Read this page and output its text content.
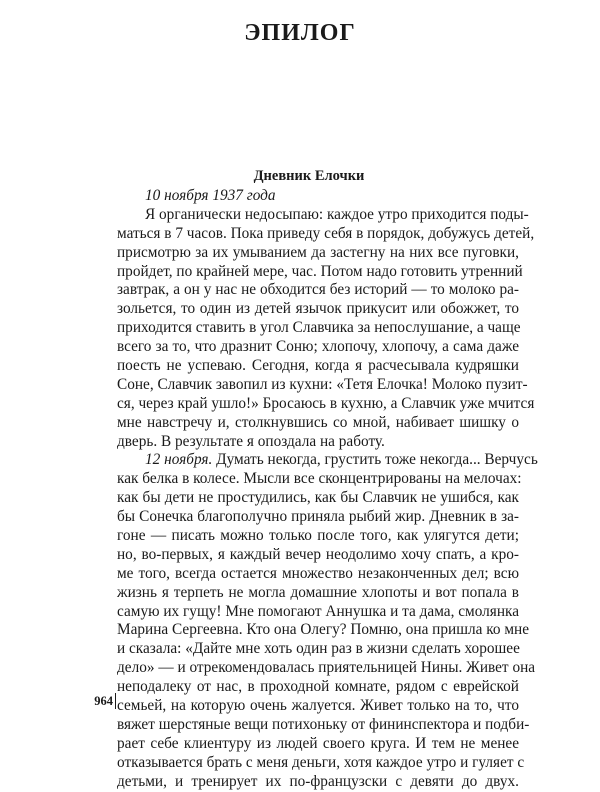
ЭПИЛОГ
Дневник Елочки
10 ноября 1937 года
Я органически недосыпаю: каждое утро приходится поды-
маться в 7 часов. Пока приведу себя в порядок, добужусь детей,
присмотрю за их умыванием да застегну на них все пуговки,
пройдет, по крайней мере, час. Потом надо готовить утренний
завтрак, а он у нас не обходится без историй — то молоко ра-
зольется, то один из детей язычок прикусит или обожжет, то
приходится ставить в угол Славчика за непослушание, а чаще
всего за то, что дразнит Соню; хлопочу, хлопочу, а сама даже
поесть не успеваю. Сегодня, когда я расчесывала кудряшки
Соне, Славчик завопил из кухни: «Тетя Елочка! Молоко пузит-
ся, через край ушло!» Бросаюсь в кухню, а Славчик уже мчится
мне навстречу и, столкнувшись со мной, набивает шишку о
дверь. В результате я опоздала на работу.
12 ноября. Думать некогда, грустить тоже некогда... Верчусь
как белка в колесе. Мысли все сконцентрированы на мелочах:
как бы дети не простудились, как бы Славчик не ушибся, как
бы Сонечка благополучно приняла рыбий жир. Дневник в за-
гоне — писать можно только после того, как улягутся дети;
но, во-первых, я каждый вечер неодолимо хочу спать, а кро-
ме того, всегда остается множество незаконченных дел; всю
жизнь я терпеть не могла домашние хлопоты и вот попала в
самую их гущу! Мне помогают Аннушка и та дама, смолянка
Марина Сергеевна. Кто она Олегу? Помню, она пришла ко мне
и сказала: «Дайте мне хоть один раз в жизни сделать хорошее
дело» — и отрекомендовалась приятельницей Нины. Живет она
неподалеку от нас, в проходной комнате, рядом с еврейской
семьей, на которую очень жалуется. Живет только на то, что
вяжет шерстяные вещи потихоньку от фининспектора и подби-
рает себе клиентуру из людей своего круга. И тем не менее
отказывается брать с меня деньги, хотя каждое утро и гуляет с
детьми, и тренирует их по-французски с девяти до двух.
964
